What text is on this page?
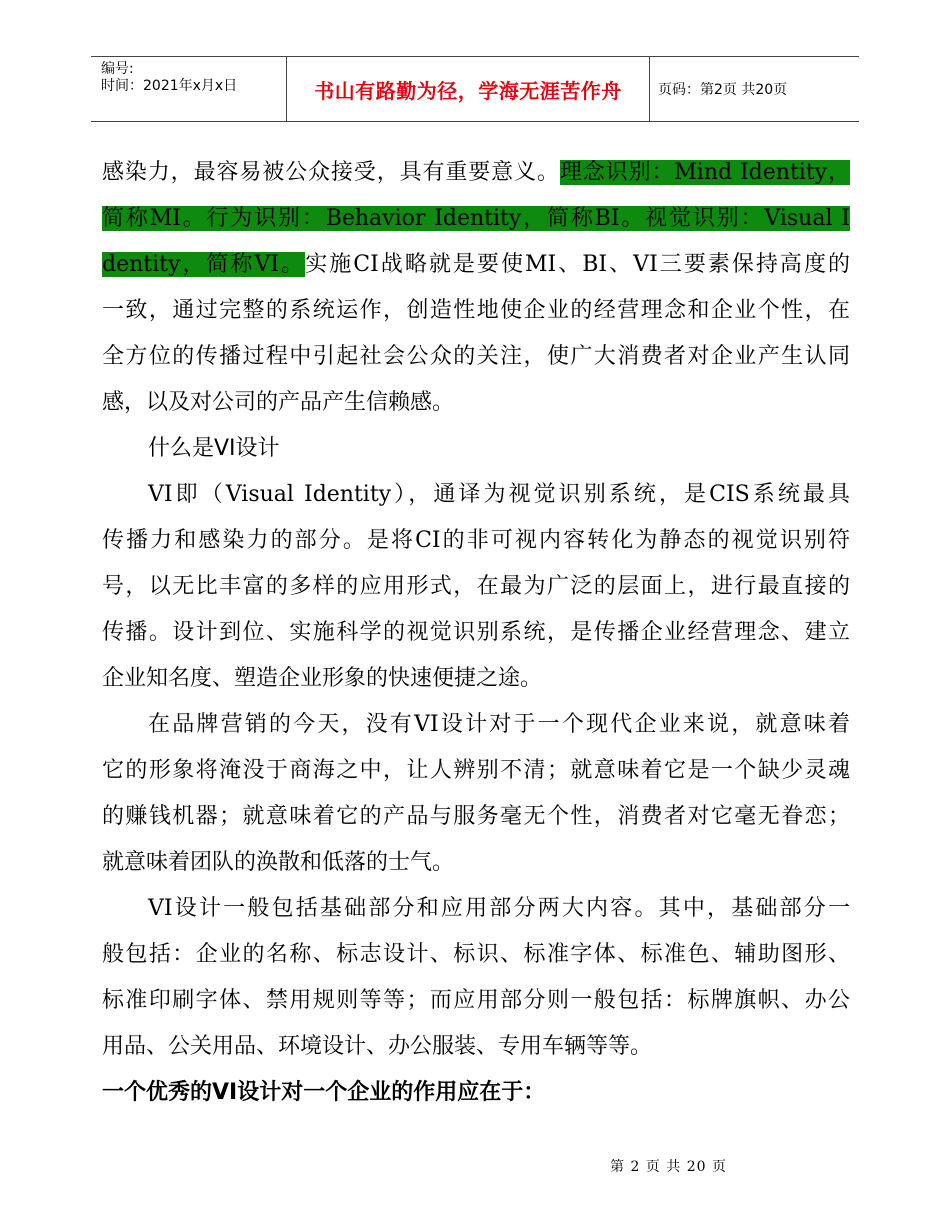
编号:
时间：2021年x月x日	书山有路勤为径，学海无涯苦作舟	页码：第2页 共20页
感染力，最容易被公众接受，具有重要意义。理念识别：Mind Identity，
简称MI。行为识别：Behavior Identity，简称BI。视觉识别：Visual I
dentity，简称VI。实施CI战略就是要使MI、BI、VI三要素保持高度的
一致，通过完整的系统运作，创造性地使企业的经营理念和企业个性，在
全方位的传播过程中引起社会公众的关注，使广大消费者对企业产生认同
感，以及对公司的产品产生信赖感。
什么是VI设计
VI即（Visual Identity），通译为视觉识别系统，是CIS系统最具
传播力和感染力的部分。是将CI的非可视内容转化为静态的视觉识别符
号，以无比丰富的多样的应用形式，在最为广泛的层面上，进行最直接的
传播。设计到位、实施科学的视觉识别系统，是传播企业经营理念、建立
企业知名度、塑造企业形象的快速便捷之途。
在品牌营销的今天，没有VI设计对于一个现代企业来说，就意味着
它的形象将淹没于商海之中，让人辨别不清；就意味着它是一个缺少灵魂
的赚钱机器；就意味着它的产品与服务毫无个性，消费者对它毫无眷恋；
就意味着团队的涣散和低落的士气。
VI设计一般包括基础部分和应用部分两大内容。其中，基础部分一
般包括：企业的名称、标志设计、标识、标准字体、标准色、辅助图形、
标准印刷字体、禁用规则等等；而应用部分则一般包括：标牌旗帜、办公
用品、公关用品、环境设计、办公服装、专用车辆等等。
一个优秀的VI设计对一个企业的作用应在于：
第 2 页 共 20 页
